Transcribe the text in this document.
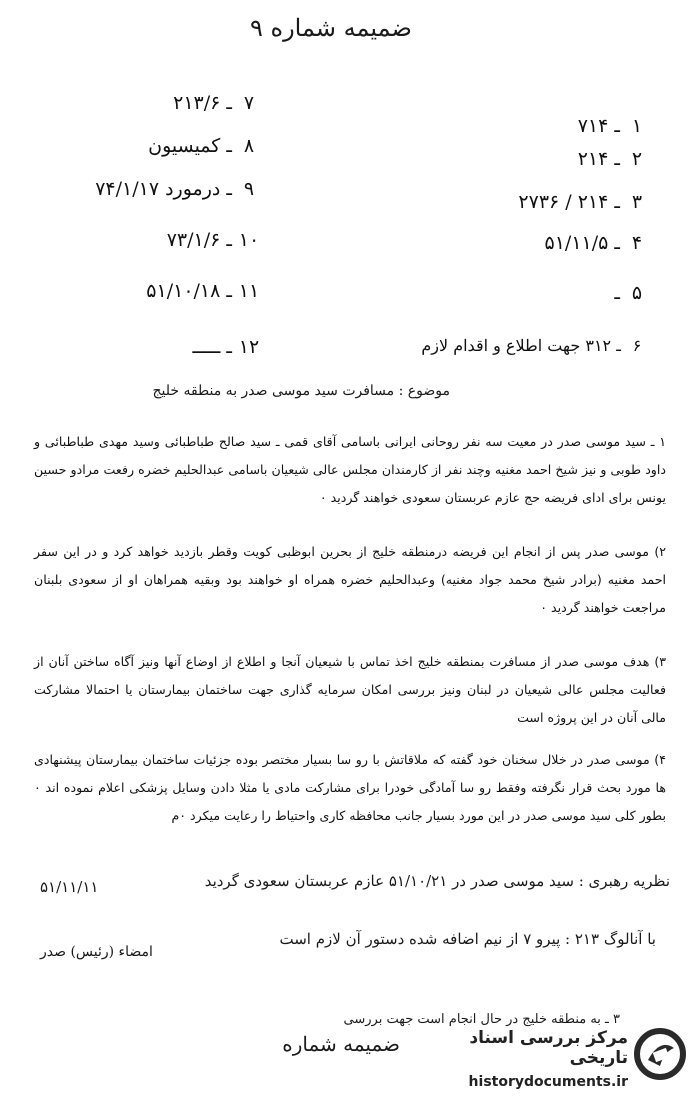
ضمیمه شماره ۹
۷ ـ ۲۱۳/۶
۸ ـ کمیسیون
۹ ـ درمورد ۷۴/۱/۱۷
۱۰ ـ ۷۳/۱/۶
۱۱ ـ ۵۱/۱۰/۱۸
۱۲ ـ ـــــ
۱ ـ ۷۱۴
۲ ـ ۲۱۴
۳ ـ ۲۱۴ / ۲۷۳۶
۴ ـ ۵۱/۱۱/۵
۵ ـ
۶ ـ ۳۱۲ جهت اطلاع و اقدام لازم
موضوع : مسافرت سید موسی صدر به منطقه خلیج
۱ ـ سید موسی صدر در معیت سه نفر روحانی ایرانی باسامی آقای قمی ـ سید صالح طباطبائی وسید مهدی طباطبائی و داود طوبی و نیز شیخ احمد مغنیه وچند نفر از کارمندان مجلس عالی شیعیان باسامی عبدالحلیم خضره رفعت مرادو حسین یونس برای ادای فریضه حج عازم عربستان سعودی خواهند گردید ۰
۲) موسی صدر پس از انجام این فریضه درمنطقه خلیج از بحرین ابوظبی کویت وقطر بازدید خواهد کرد و در این سفر احمد مغنیه (برادر شیخ محمد جواد مغنیه) وعبدالحلیم خضره همراه او خواهند بود وبقیه همراهان او از سعودی بلبنان مراجعت خواهند گردید ۰
۳) هدف موسی صدر از مسافرت بمنطقه خلیج اخذ تماس با شیعیان آنجا و اطلاع از اوضاع آنها ونیز آگاه ساختن آنان از فعالیت مجلس عالی شیعیان در لبنان ونیز بررسی امکان سرمایه گذاری جهت ساختمان بیمارستان یا احتمالا مشارکت مالی آنان در این پروژه است
۴) موسی صدر در خلال سخنان خود گفته که ملاقاتش با رو سا بسیار مختصر بوده جزئیات ساختمان بیمارستان پیشنهادی ها مورد بحث قرار نگرفته وفقط رو سا آمادگی خودرا برای مشارکت مادی یا مثلا دادن وسایل پزشکی اعلام نموده اند ۰ بطور کلی سید موسی صدر در این مورد بسیار جانب محافظه کاری واحتیاط را رعایت میکرد ۰م
نظریه رهبری : سید موسی صدر در ۵۱/۱۰/۲۱ عازم عربستان سعودی گردید
۵۱/۱۱/۱۱
با آنالوگ ۲۱۳ : پیرو ۷ از نیم اضافه شده دستور آن لازم است
امضاء (رئیس) صدر
۳ ـ به منطقه خلیج در حال انجام است جهت بررسی
ضمیمه شماره	مرکز بررسی اسناد تاریخی
historydocuments.ir
